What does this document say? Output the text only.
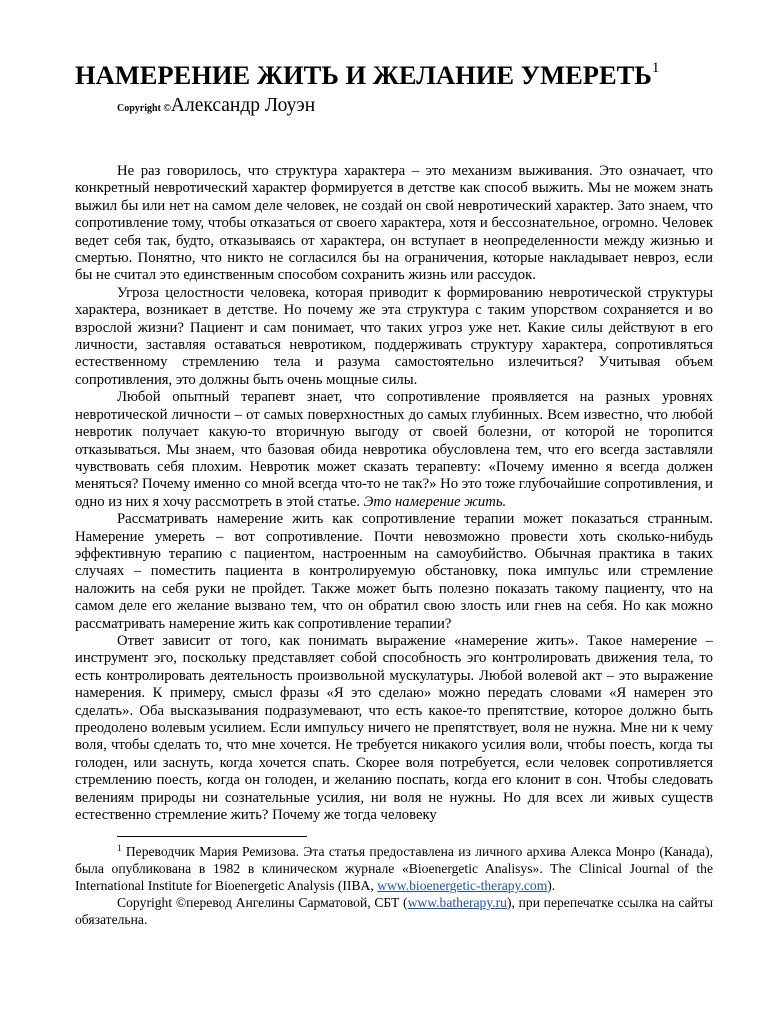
НАМЕРЕНИЕ ЖИТЬ И ЖЕЛАНИЕ УМЕРЕТЬ$^1$
Copyright ©Александр Лоуэн

Не раз говорилось, что структура характера – это механизм выживания. Это означает, что конкретный невротический характер формируется в детстве как способ выжить. Мы не можем знать выжил бы или нет на самом деле человек, не создай он свой невротический характер. Зато знаем, что сопротивление тому, чтобы отказаться от своего характера, хотя и бессознательное, огромно. Человек ведет себя так, будто, отказываясь от характера, он вступает в неопределенности между жизнью и смертью. Понятно, что никто не согласился бы на ограничения, которые накладывает невроз, если бы не считал это единственным способом сохранить жизнь или рассудок.

Угроза целостности человека, которая приводит к формированию невротической структуры характера, возникает в детстве. Но почему же эта структура с таким упорством сохраняется и во взрослой жизни? Пациент и сам понимает, что таких угроз уже нет. Какие силы действуют в его личности, заставляя оставаться невротиком, поддерживать структуру характера, сопротивляться естественному стремлению тела и разума самостоятельно излечиться? Учитывая объем сопротивления, это должны быть очень мощные силы.

Любой опытный терапевт знает, что сопротивление проявляется на разных уровнях невротической личности – от самых поверхностных до самых глубинных. Всем известно, что любой невротик получает какую-то вторичную выгоду от своей болезни, от которой не торопится отказываться. Мы знаем, что базовая обида невротика обусловлена тем, что его всегда заставляли чувствовать себя плохим. Невротик может сказать терапевту: «Почему именно я всегда должен меняться? Почему именно со мной всегда что-то не так?» Но это тоже глубочайшие сопротивления, и одно из них я хочу рассмотреть в этой статье. Это намерение жить.

Рассматривать намерение жить как сопротивление терапии может показаться странным. Намерение умереть – вот сопротивление. Почти невозможно провести хоть сколько-нибудь эффективную терапию с пациентом, настроенным на самоубийство. Обычная практика в таких случаях – поместить пациента в контролируемую обстановку, пока импульс или стремление наложить на себя руки не пройдет. Также может быть полезно показать такому пациенту, что на самом деле его желание вызвано тем, что он обратил свою злость или гнев на себя. Но как можно рассматривать намерение жить как сопротивление терапии?

Ответ зависит от того, как понимать выражение «намерение жить». Такое намерение – инструмент эго, поскольку представляет собой способность эго контролировать движения тела, то есть контролировать деятельность произвольной мускулатуры. Любой волевой акт – это выражение намерения. К примеру, смысл фразы «Я это сделаю» можно передать словами «Я намерен это сделать». Оба высказывания подразумевают, что есть какое-то препятствие, которое должно быть преодолено волевым усилием. Если импульсу ничего не препятствует, воля не нужна. Мне ни к чему воля, чтобы сделать то, что мне хочется. Не требуется никакого усилия воли, чтобы поесть, когда ты голоден, или заснуть, когда хочется спать. Скорее воля потребуется, если человек сопротивляется стремлению поесть, когда он голоден, и желанию поспать, когда его клонит в сон. Чтобы следовать велениям природы ни сознательные усилия, ни воля не нужны. Но для всех ли живых существ естественно стремление жить? Почему же тогда человеку

$^1$ Переводчик Мария Ремизова. Эта статья предоставлена из личного архива Алекса Монро (Канада), была опубликована в 1982 в клиническом журнале «Bioenergetic Analisys». The Clinical Journal of the International Institute for Bioenergetic Analysis (IIBA, www.bioenergetic-therapy.com).

Copyright ©перевод Ангелины Сарматовой, СБТ (www.batherapy.ru), при перепечатке ссылка на сайты обязательна.
